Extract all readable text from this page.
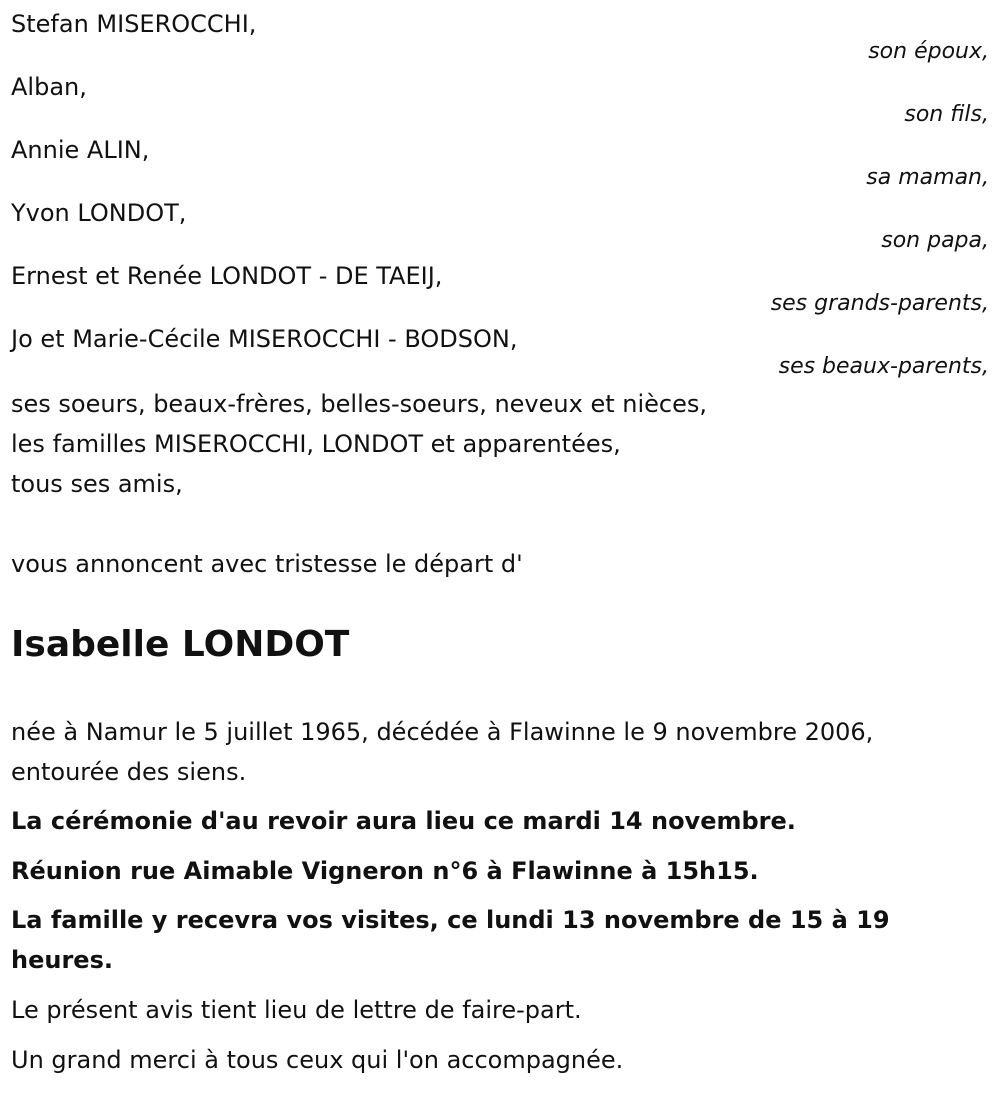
Stefan MISEROCCHI,
son époux,
Alban,
son fils,
Annie ALIN,
sa maman,
Yvon LONDOT,
son papa,
Ernest et Renée LONDOT - DE TAEIJ,
ses grands-parents,
Jo et Marie-Cécile MISEROCCHI - BODSON,
ses beaux-parents,
ses soeurs, beaux-frères, belles-soeurs, neveux et nièces,
les familles MISEROCCHI, LONDOT et apparentées,
tous ses amis,
vous annoncent avec tristesse le départ d'
Isabelle LONDOT
née à Namur le 5 juillet 1965, décédée à Flawinne le 9 novembre 2006,
entourée des siens.
La cérémonie d'au revoir aura lieu ce mardi 14 novembre.
Réunion rue Aimable Vigneron n°6 à Flawinne à 15h15.
La famille y recevra vos visites, ce lundi 13 novembre de 15 à 19 heures.
Le présent avis tient lieu de lettre de faire-part.
Un grand merci à tous ceux qui l'on accompagnée.
